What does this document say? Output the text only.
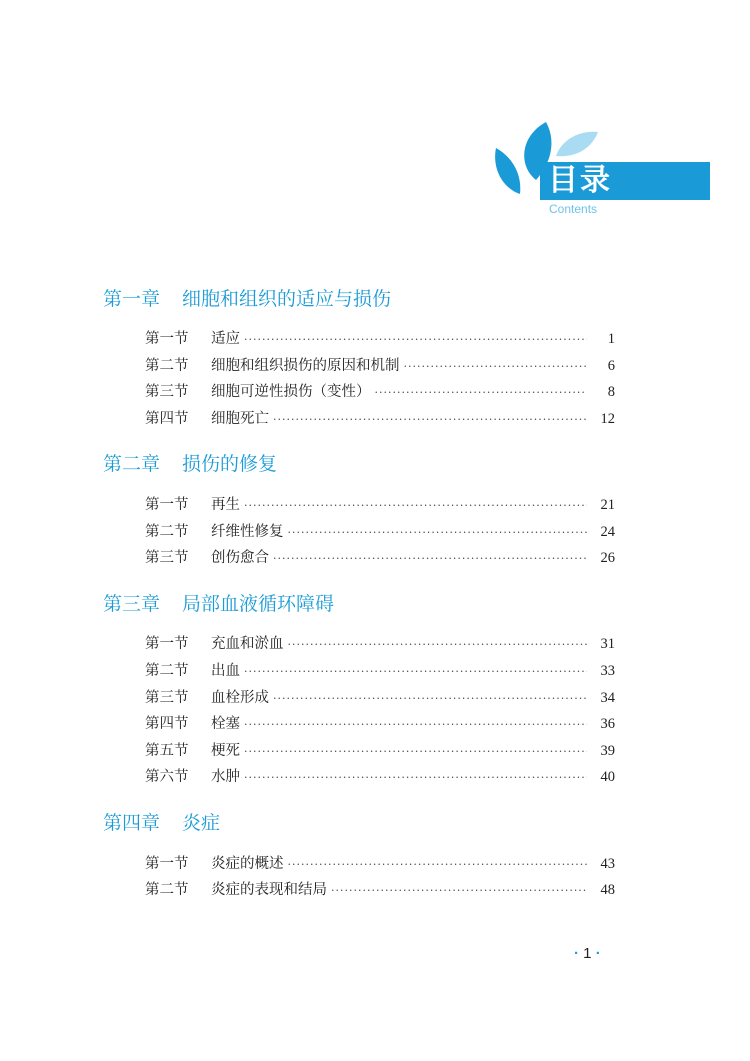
目录
Contents
第一章 细胞和组织的适应与损伤
第一节	适应 ·····	1
第二节	细胞和组织损伤的原因和机制 ·····	6
第三节	细胞可逆性损伤（变性） ·····	8
第四节	细胞死亡 ·····	12
第二章 损伤的修复
第一节	再生 ·····	21
第二节	纤维性修复 ·····	24
第三节	创伤愈合 ·····	26
第三章 局部血液循环障碍
第一节	充血和淤血 ·····	31
第二节	出血 ·····	33
第三节	血栓形成 ·····	34
第四节	栓塞 ·····	36
第五节	梗死 ·····	39
第六节	水肿 ·····	40
第四章 炎症
第一节	炎症的概述 ·····	43
第二节	炎症的表现和结局 ·····	48
· 1 ·
